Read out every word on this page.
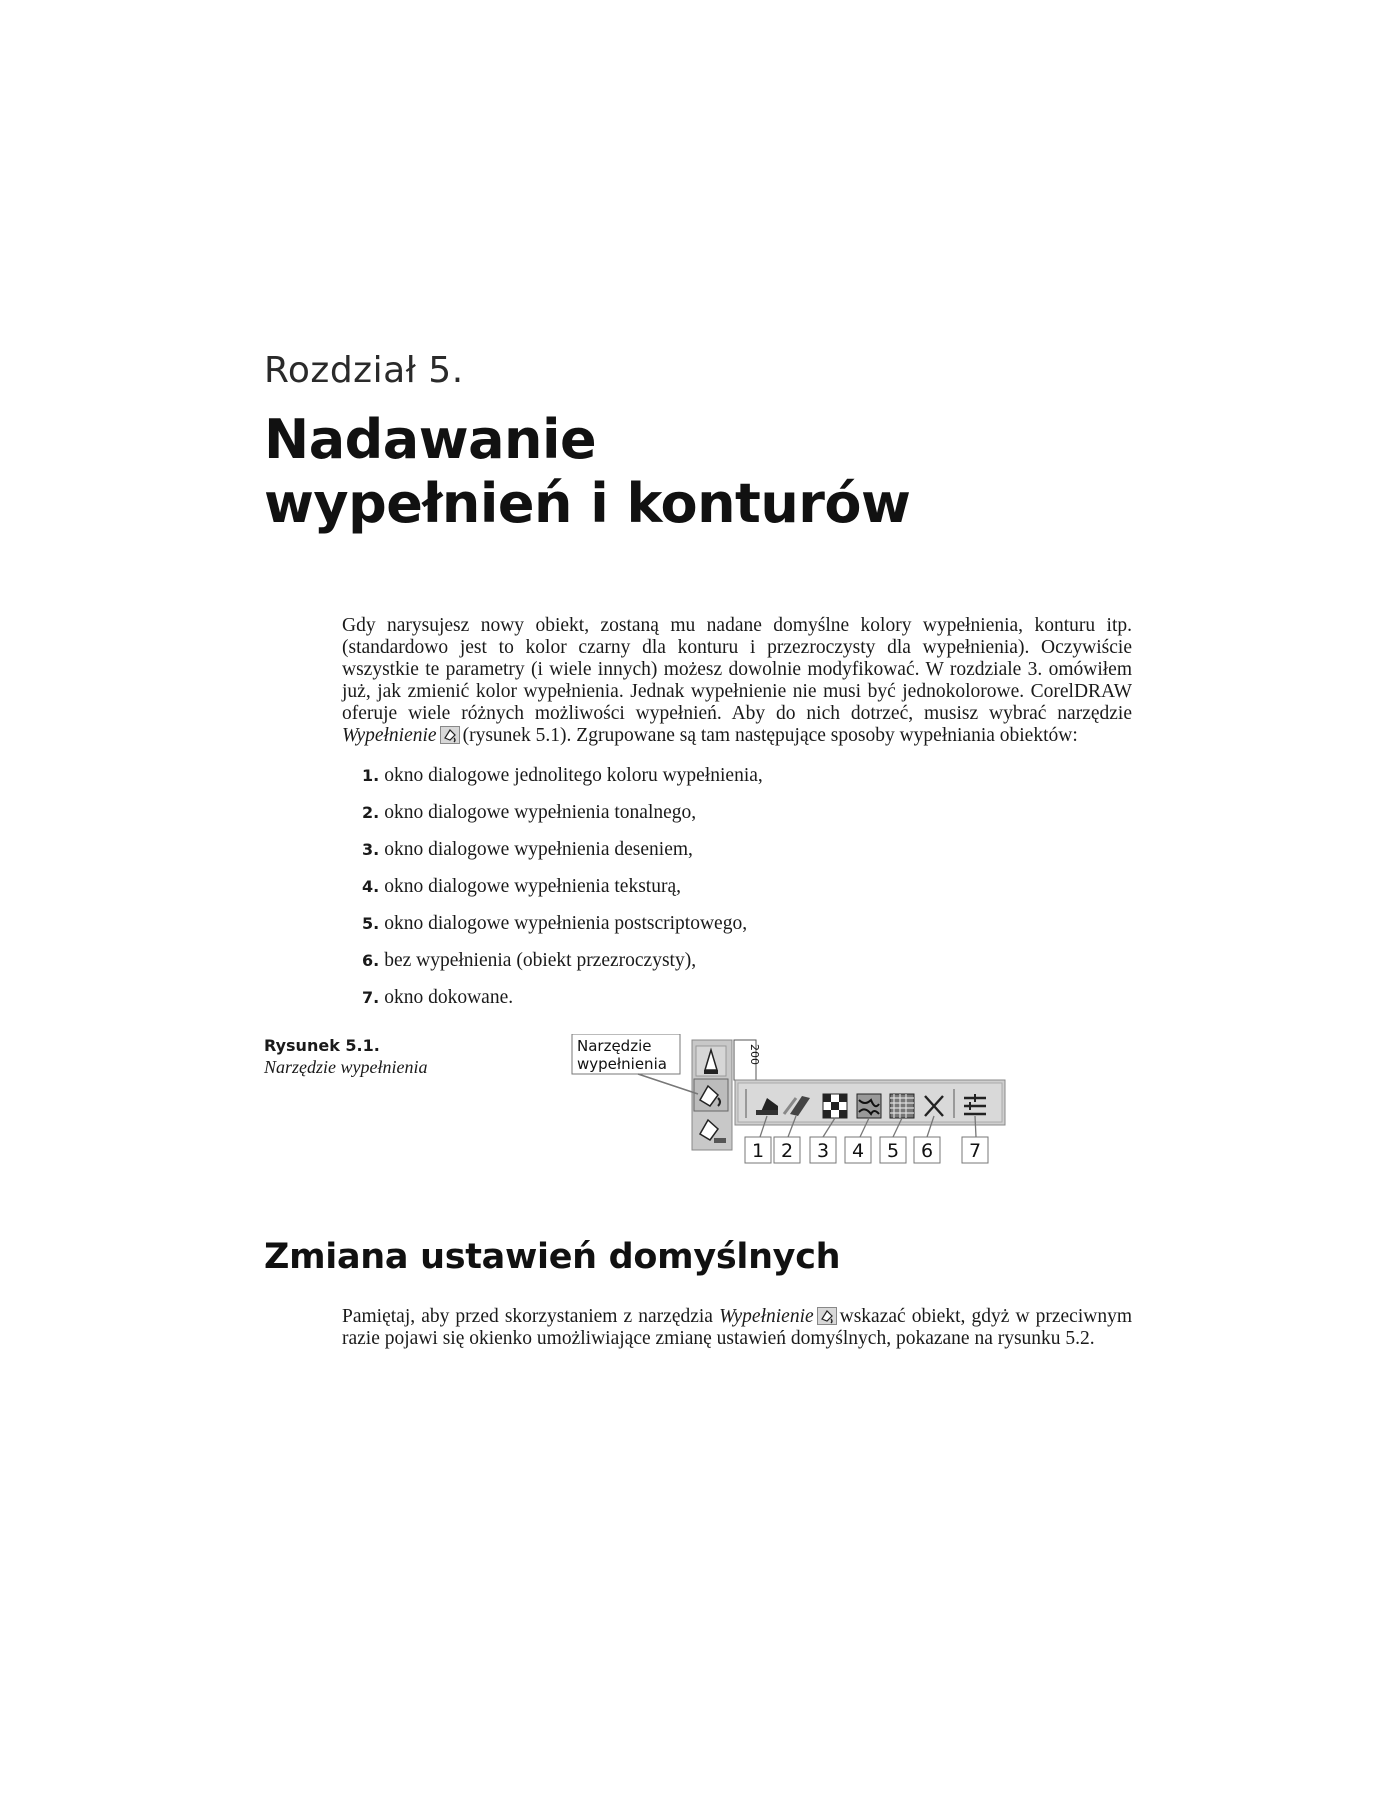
Rozdział 5.
Nadawanie
wypełnień i konturów

Gdy narysujesz nowy obiekt, zostaną mu nadane domyślne kolory wypełnienia, konturu itp. (standardowo jest to kolor czarny dla konturu i przezroczysty dla wypełnienia). Oczywiście wszystkie te parametry (i wiele innych) możesz dowolnie modyfikować. W rozdziale 3. omówiłem już, jak zmienić kolor wypełnienia. Jednak wypełnienie nie musi być jednokolorowe. CorelDRAW oferuje wiele różnych możliwości wypełnień. Aby do nich dotrzeć, musisz wybrać narzędzie Wypełnienie (rysunek 5.1). Zgrupowane są tam następujące sposoby wypełniania obiektów:

1. okno dialogowe jednolitego koloru wypełnienia,
2. okno dialogowe wypełnienia tonalnego,
3. okno dialogowe wypełnienia deseniem,
4. okno dialogowe wypełnienia teksturą,
5. okno dialogowe wypełnienia postscriptowego,
6. bez wypełnienia (obiekt przezroczysty),
7. okno dokowane.
Rysunek 5.1.
Narzędzie wypełnienia
200
Narzędzie
wypełnienia
1 2 3 4 5 6 7
Zmiana ustawień domyślnych

Pamiętaj, aby przed skorzystaniem z narzędzia Wypełnienie wskazać obiekt, gdyż w przeciwnym razie pojawi się okienko umożliwiające zmianę ustawień domyślnych, pokazane na rysunku 5.2.
